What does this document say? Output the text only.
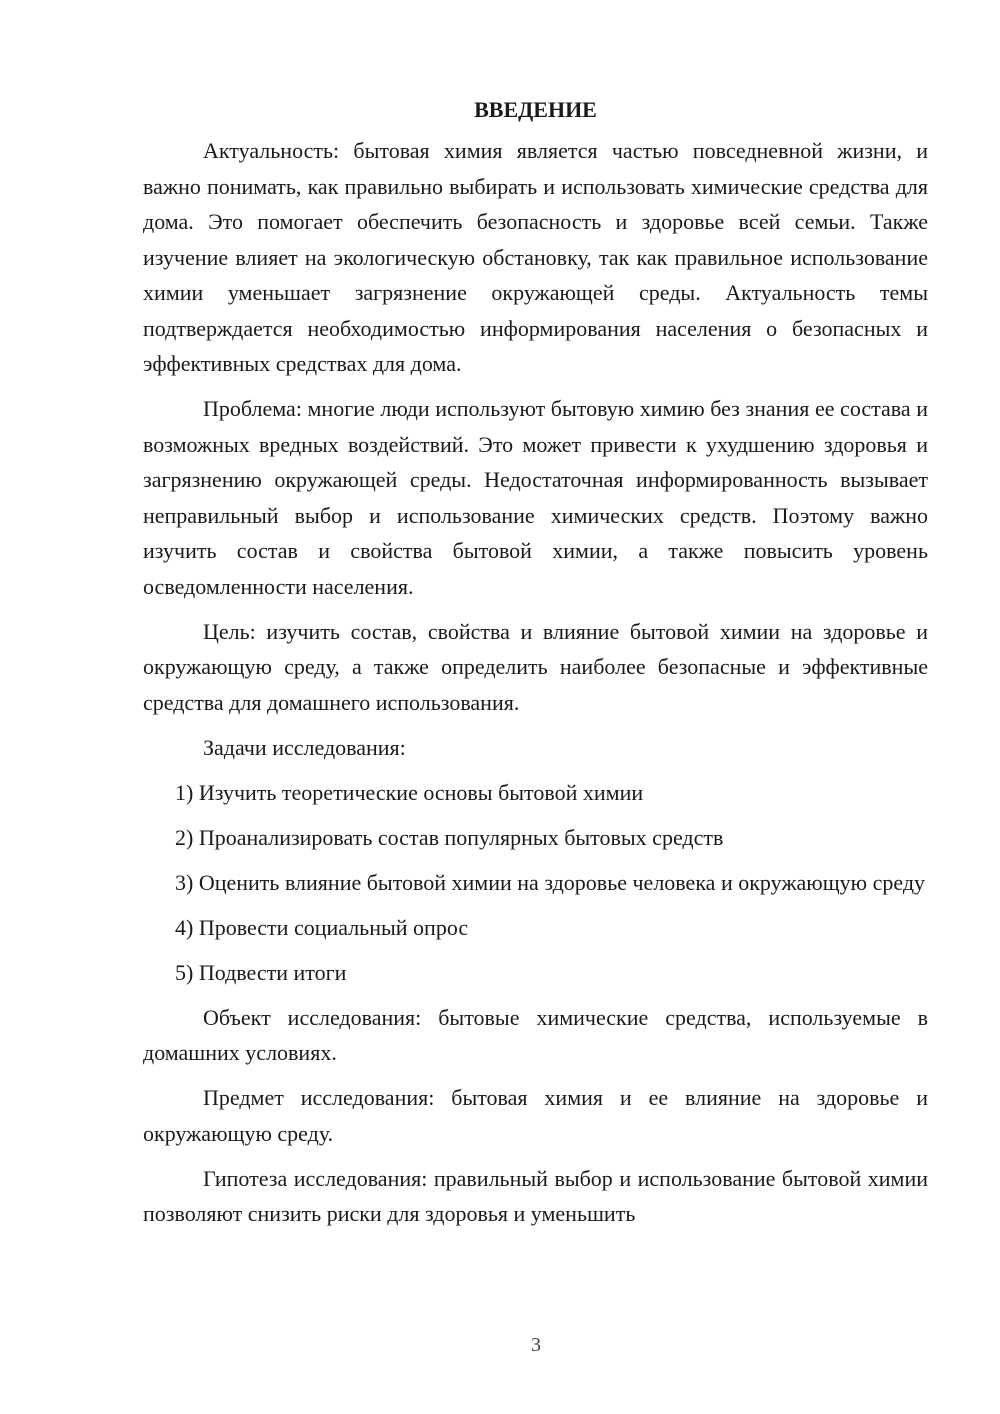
ВВЕДЕНИЕ

Актуальность: бытовая химия является частью повседневной жизни, и важно понимать, как правильно выбирать и использовать химические средства для дома. Это помогает обеспечить безопасность и здоровье всей семьи. Также изучение влияет на экологическую обстановку, так как правильное использование химии уменьшает загрязнение окружающей среды. Актуальность темы подтверждается необходимостью информирования населения о безопасных и эффективных средствах для дома.

Проблема: многие люди используют бытовую химию без знания ее состава и возможных вредных воздействий. Это может привести к ухудшению здоровья и загрязнению окружающей среды. Недостаточная информированность вызывает неправильный выбор и использование химических средств. Поэтому важно изучить состав и свойства бытовой химии, а также повысить уровень осведомленности населения.

Цель: изучить состав, свойства и влияние бытовой химии на здоровье и окружающую среду, а также определить наиболее безопасные и эффективные средства для домашнего использования.

Задачи исследования:

1) Изучить теоретические основы бытовой химии

2) Проанализировать состав популярных бытовых средств

3) Оценить влияние бытовой химии на здоровье человека и окружающую среду

4) Провести социальный опрос

5) Подвести итоги

Объект исследования: бытовые химические средства, используемые в домашних условиях.

Предмет исследования: бытовая химия и ее влияние на здоровье и окружающую среду.

Гипотеза исследования: правильный выбор и использование бытовой химии позволяют снизить риски для здоровья и уменьшить

3
